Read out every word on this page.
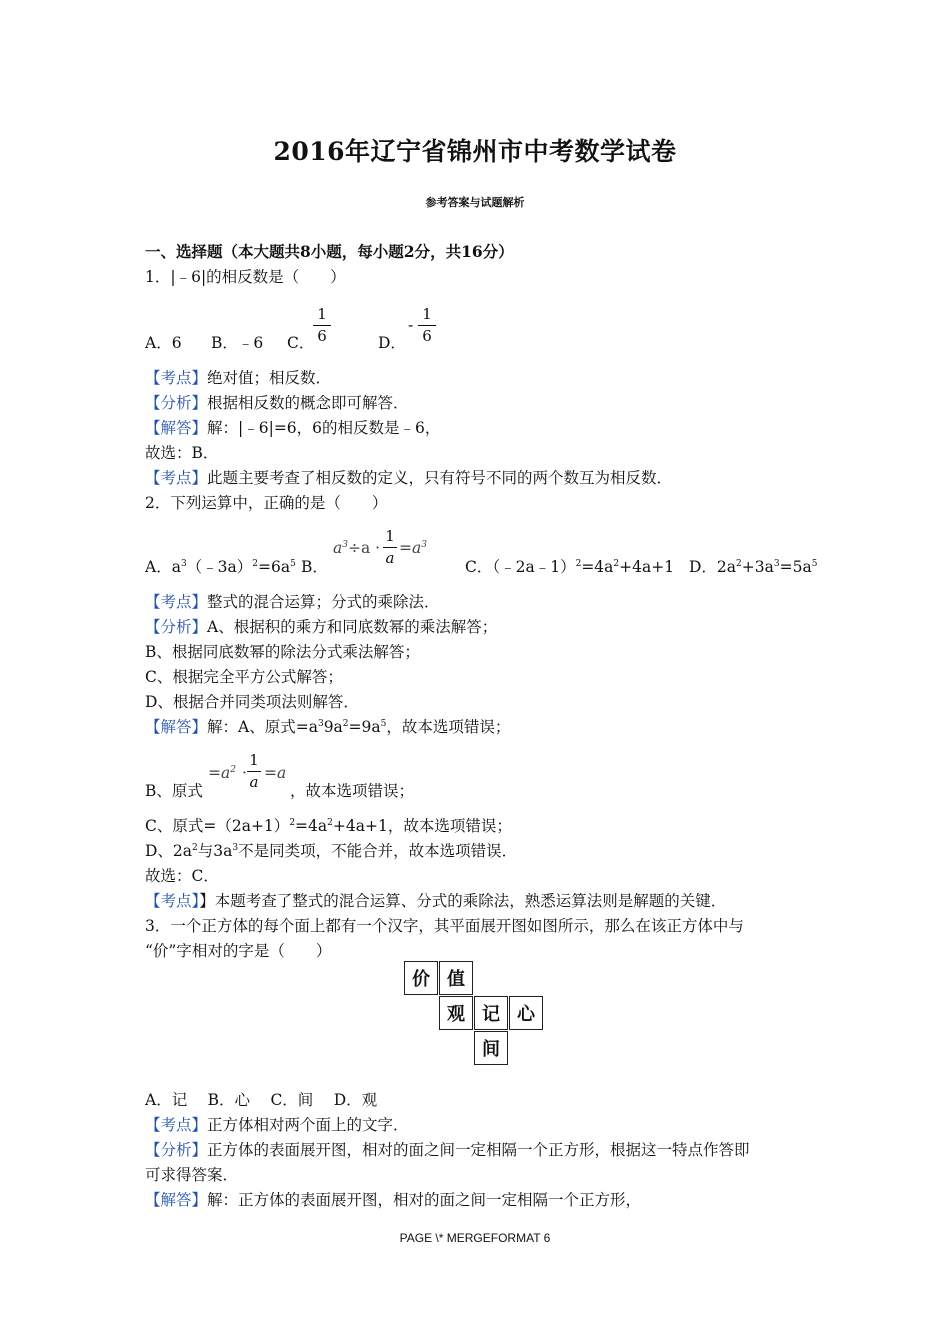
2016年辽宁省锦州市中考数学试卷
参考答案与试题解析
一、选择题（本大题共8小题，每小题2分，共16分）
1．|﹣6|的相反数是（　　）
A．6 B．﹣6 C．
1
6	D．
-
1
6
【考点】绝对值；相反数．
【分析】根据相反数的概念即可解答．
【解答】解：|﹣6|=6，6的相反数是﹣6，
故选：B．
【考点】此题主要考查了相反数的定义，只有符号不同的两个数互为相反数．
2．下列运算中，正确的是（　　）
A．$a^3(﹣3a)^2=6a^5$ B．
$a^3\div a$ ·
1
a
$=a^3$
C．$(﹣2a﹣1)^2=4a^2+4a+1$ D．$2a^2+3a^3=5a^5$
【考点】整式的混合运算；分式的乘除法．
【分析】A、根据积的乘方和同底数幂的乘法解答；
B、根据同底数幂的除法分式乘法解答；
C、根据完全平方公式解答；
D、根据合并同类项法则解答．
【解答】解：A、原式$=a^39a^2=9a^5$，故本选项错误；
B、原式
$=a^2$ ·
1
a =a
，故本选项错误；
C、原式$=(2a+1)^2=4a^2+4a+1$，故本选项错误；
D、$2a^2$与$3a^3$不是同类项，不能合并，故本选项错误．
故选：C．
【考点】】本题考查了整式的混合运算、分式的乘除法，熟悉运算法则是解题的关键．
3．一个正方体的每个面上都有一个汉字，其平面展开图如图所示，那么在该正方体中与
“价”字相对的字是（　　）
价 值
观 记 心
间
A．记　 B．心　 C．间　 D．观
【考点】正方体相对两个面上的文字．
【分析】正方体的表面展开图，相对的面之间一定相隔一个正方形，根据这一特点作答即
可求得答案．
【解答】解：正方体的表面展开图，相对的面之间一定相隔一个正方形，
PAGE \* MERGEFORMAT 6
